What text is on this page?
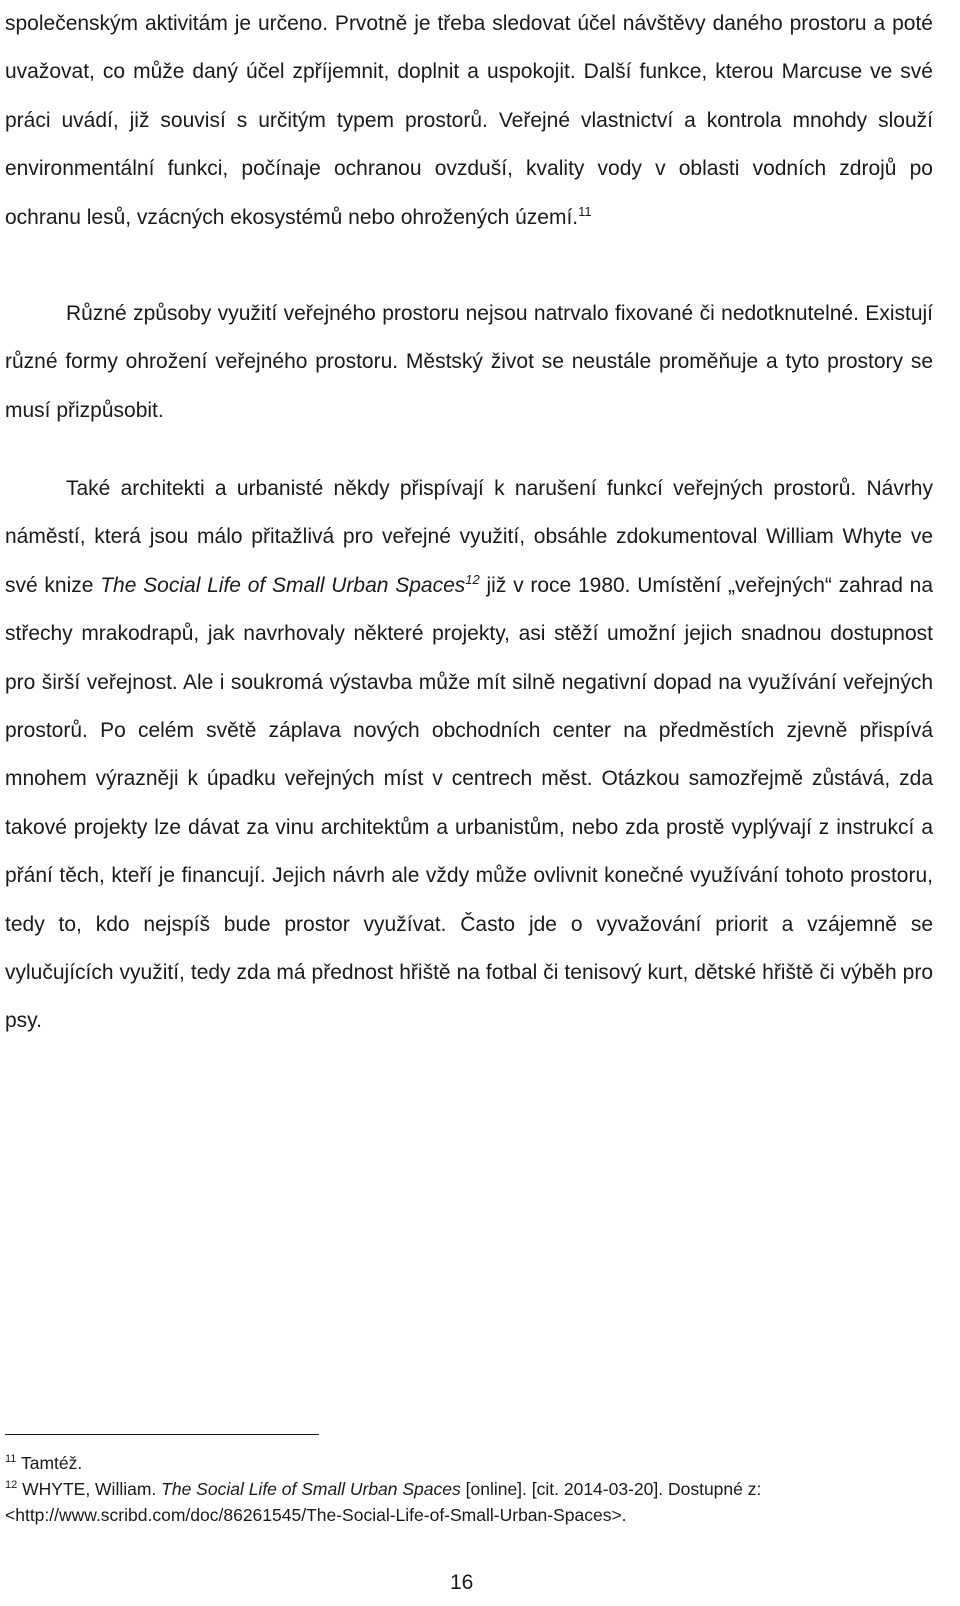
společenským aktivitám je určeno. Prvotně je třeba sledovat účel návštěvy daného prostoru a poté uvažovat, co může daný účel zpříjemnit, doplnit a uspokojit. Další funkce, kterou Marcuse ve své práci uvádí, již souvisí s určitým typem prostorů. Veřejné vlastnictví a kontrola mnohdy slouží environmentální funkci, počínaje ochranou ovzduší, kvality vody v oblasti vodních zdrojů po ochranu lesů, vzácných ekosystémů nebo ohrožených území.$^{11}$

Různé způsoby využití veřejného prostoru nejsou natrvalo fixované či nedotknutelné. Existují různé formy ohrožení veřejného prostoru. Městský život se neustále proměňuje a tyto prostory se musí přizpůsobit.

Také architekti a urbanisté někdy přispívají k narušení funkcí veřejných prostorů. Návrhy náměstí, která jsou málo přitažlivá pro veřejné využití, obsáhle zdokumentoval William Whyte ve své knize The Social Life of Small Urban Spaces$^{12}$ již v roce 1980. Umístění „veřejných“ zahrad na střechy mrakodrapů, jak navrhovaly některé projekty, asi stěží umožní jejich snadnou dostupnost pro širší veřejnost. Ale i soukromá výstavba může mít silně negativní dopad na využívání veřejných prostorů. Po celém světě záplava nových obchodních center na předměstích zjevně přispívá mnohem výrazněji k úpadku veřejných míst v centrech měst. Otázkou samozřejmě zůstává, zda takové projekty lze dávat za vinu architektům a urbanistům, nebo zda prostě vyplývají z instrukcí a přání těch, kteří je financují. Jejich návrh ale vždy může ovlivnit konečné využívání tohoto prostoru, tedy to, kdo nejspíš bude prostor využívat. Často jde o vyvažování priorit a vzájemně se vylučujících využití, tedy zda má přednost hřiště na fotbal či tenisový kurt, dětské hřiště či výběh pro psy.

$^{11}$ Tamtéž.

$^{12}$ WHYTE, William. The Social Life of Small Urban Spaces [online]. [cit. 2014-03-20]. Dostupné z: <http://www.scribd.com/doc/86261545/The-Social-Life-of-Small-Urban-Spaces>.

16
